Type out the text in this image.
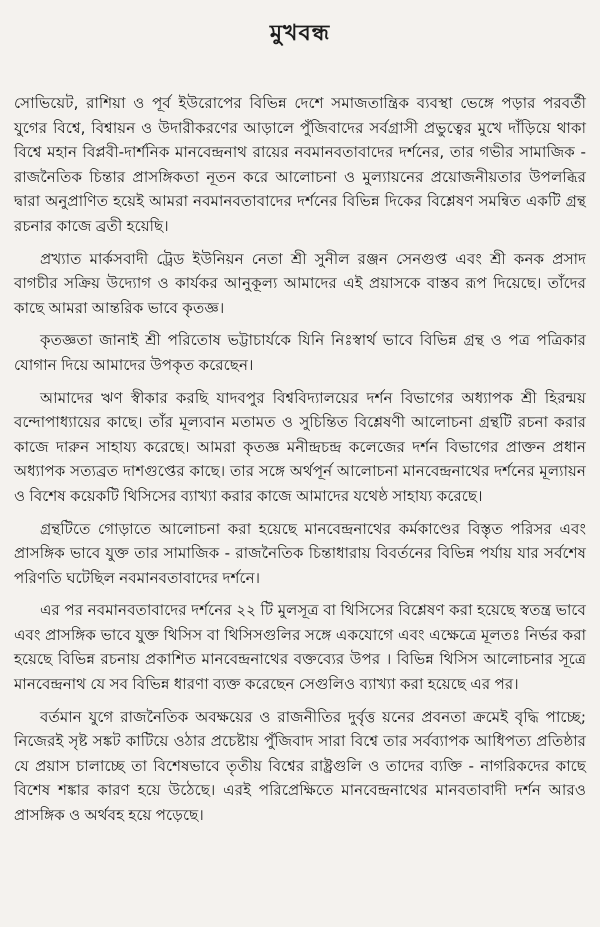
মুখবন্ধ

সোভিয়েট, রাশিয়া ও পূর্ব ইউরোপের বিভিন্ন দেশে সমাজতান্ত্রিক ব্যবস্থা ভেঙ্গে পড়ার পরবর্তী যুগের বিশ্বে, বিশ্বায়ন ও উদারীকরণের আড়ালে পুঁজিবাদের সর্বগ্রাসী প্রভুত্বের মুখে দাঁড়িয়ে থাকা বিশ্বে মহান বিপ্লবী-দার্শনিক মানবেন্দ্রনাথ রায়ের নবমানবতাবাদের দর্শনের, তার গভীর সামাজিক - রাজনৈতিক চিন্তার প্রাসঙ্গিকতা নূতন করে আলোচনা ও মুল্যায়নের প্রয়োজনীয়তার উপলব্ধির দ্বারা অনুপ্রাণিত হয়েই আমরা নবমানবতাবাদের দর্শনের বিভিন্ন দিকের বিশ্লেষণ সমন্বিত একটি গ্রন্থ রচনার কাজে ব্রতী হয়েছি।

প্রখ্যাত মার্কসবাদী ট্রেড ইউনিয়ন নেতা শ্রী সুনীল রঞ্জন সেনগুপ্ত এবং শ্রী কনক প্রসাদ বাগচীর সক্রিয় উদ্যোগ ও কার্যকর আনুকূল্য আমাদের এই প্রয়াসকে বাস্তব রূপ দিয়েছে। তাঁদের কাছে আমরা আন্তরিক ভাবে কৃতজ্ঞ।

কৃতজ্ঞতা জানাই শ্রী পরিতোষ ভট্টাচার্যকে যিনি নিঃস্বার্থ ভাবে বিভিন্ন গ্রন্থ ও পত্র পত্রিকার যোগান দিয়ে আমাদের উপকৃত করেছেন।

আমাদের ঋণ স্বীকার করছি যাদবপুর বিশ্ববিদ্যালয়ের দর্শন বিভাগের অধ্যাপক শ্রী হিরন্ময় বন্দোপাধ্যায়ের কাছে। তাঁর মূল্যবান মতামত ও সুচিন্তিত বিশ্লেষণী আলোচনা গ্রন্থটি রচনা করার কাজে দারুন সাহায্য করেছে। আমরা কৃতজ্ঞ মনীন্দ্রচন্দ্র কলেজের দর্শন বিভাগের প্রাক্তন প্রধান অধ্যাপক সত্যব্রত দাশগুপ্তের কাছে। তার সঙ্গে অর্থপূর্ন আলোচনা মানবেন্দ্রনাথের দর্শনের মূল্যায়ন ও বিশেষ কয়েকটি থিসিসের ব্যাখ্যা করার কাজে আমাদের যথেষ্ঠ সাহায্য করেছে।

গ্রন্থটিতে গোড়াতে আলোচনা করা হয়েছে মানবেন্দ্রনাথের কর্মকাণ্ডের বিস্তৃত পরিসর এবং প্রাসঙ্গিক ভাবে যুক্ত তার সামাজিক - রাজনৈতিক চিন্তাধারায় বিবর্তনের বিভিন্ন পর্যায় যার সর্বশেষ পরিণতি ঘটেছিল নবমানবতাবাদের দর্শনে।

এর পর নবমানবতাবাদের দর্শনের ২২ টি মুলসূত্র বা থিসিসের বিশ্লেষণ করা হয়েছে স্বতন্ত্র ভাবে এবং প্রাসঙ্গিক ভাবে যুক্ত থিসিস বা থিসিসগুলির সঙ্গে একযোগে এবং এক্ষেত্রে মূলতঃ নির্ভর করা হয়েছে বিভিন্ন রচনায় প্রকাশিত মানবেন্দ্রনাথের বক্তব্যের উপর । বিভিন্ন থিসিস আলোচনার সূত্রে মানবেন্দ্রনাথ যে সব বিভিন্ন ধারণা ব্যক্ত করেছেন সেগুলিও ব্যাখ্যা করা হয়েছে এর পর।

বর্তমান যুগে রাজনৈতিক অবক্ষয়ের ও রাজনীতির দুর্বৃত্ত য়নের প্রবনতা ক্রমেই বৃদ্ধি পাচ্ছে; নিজেরই সৃষ্ট সঙ্কট কাটিয়ে ওঠার প্রচেষ্টায় পুঁজিবাদ সারা বিশ্বে তার সর্বব্যাপক আধিপত্য প্রতিষ্ঠার যে প্রয়াস চালাচ্ছে তা বিশেষভাবে তৃতীয় বিশ্বের রাষ্ট্রগুলি ও তাদের ব্যক্তি - নাগরিকদের কাছে বিশেষ শঙ্কার কারণ হয়ে উঠেছে। এরই পরিপ্রেক্ষিতে মানবেন্দ্রনাথের মানবতাবাদী দর্শন আরও প্রাসঙ্গিক ও অর্থবহ হয়ে পড়েছে।
